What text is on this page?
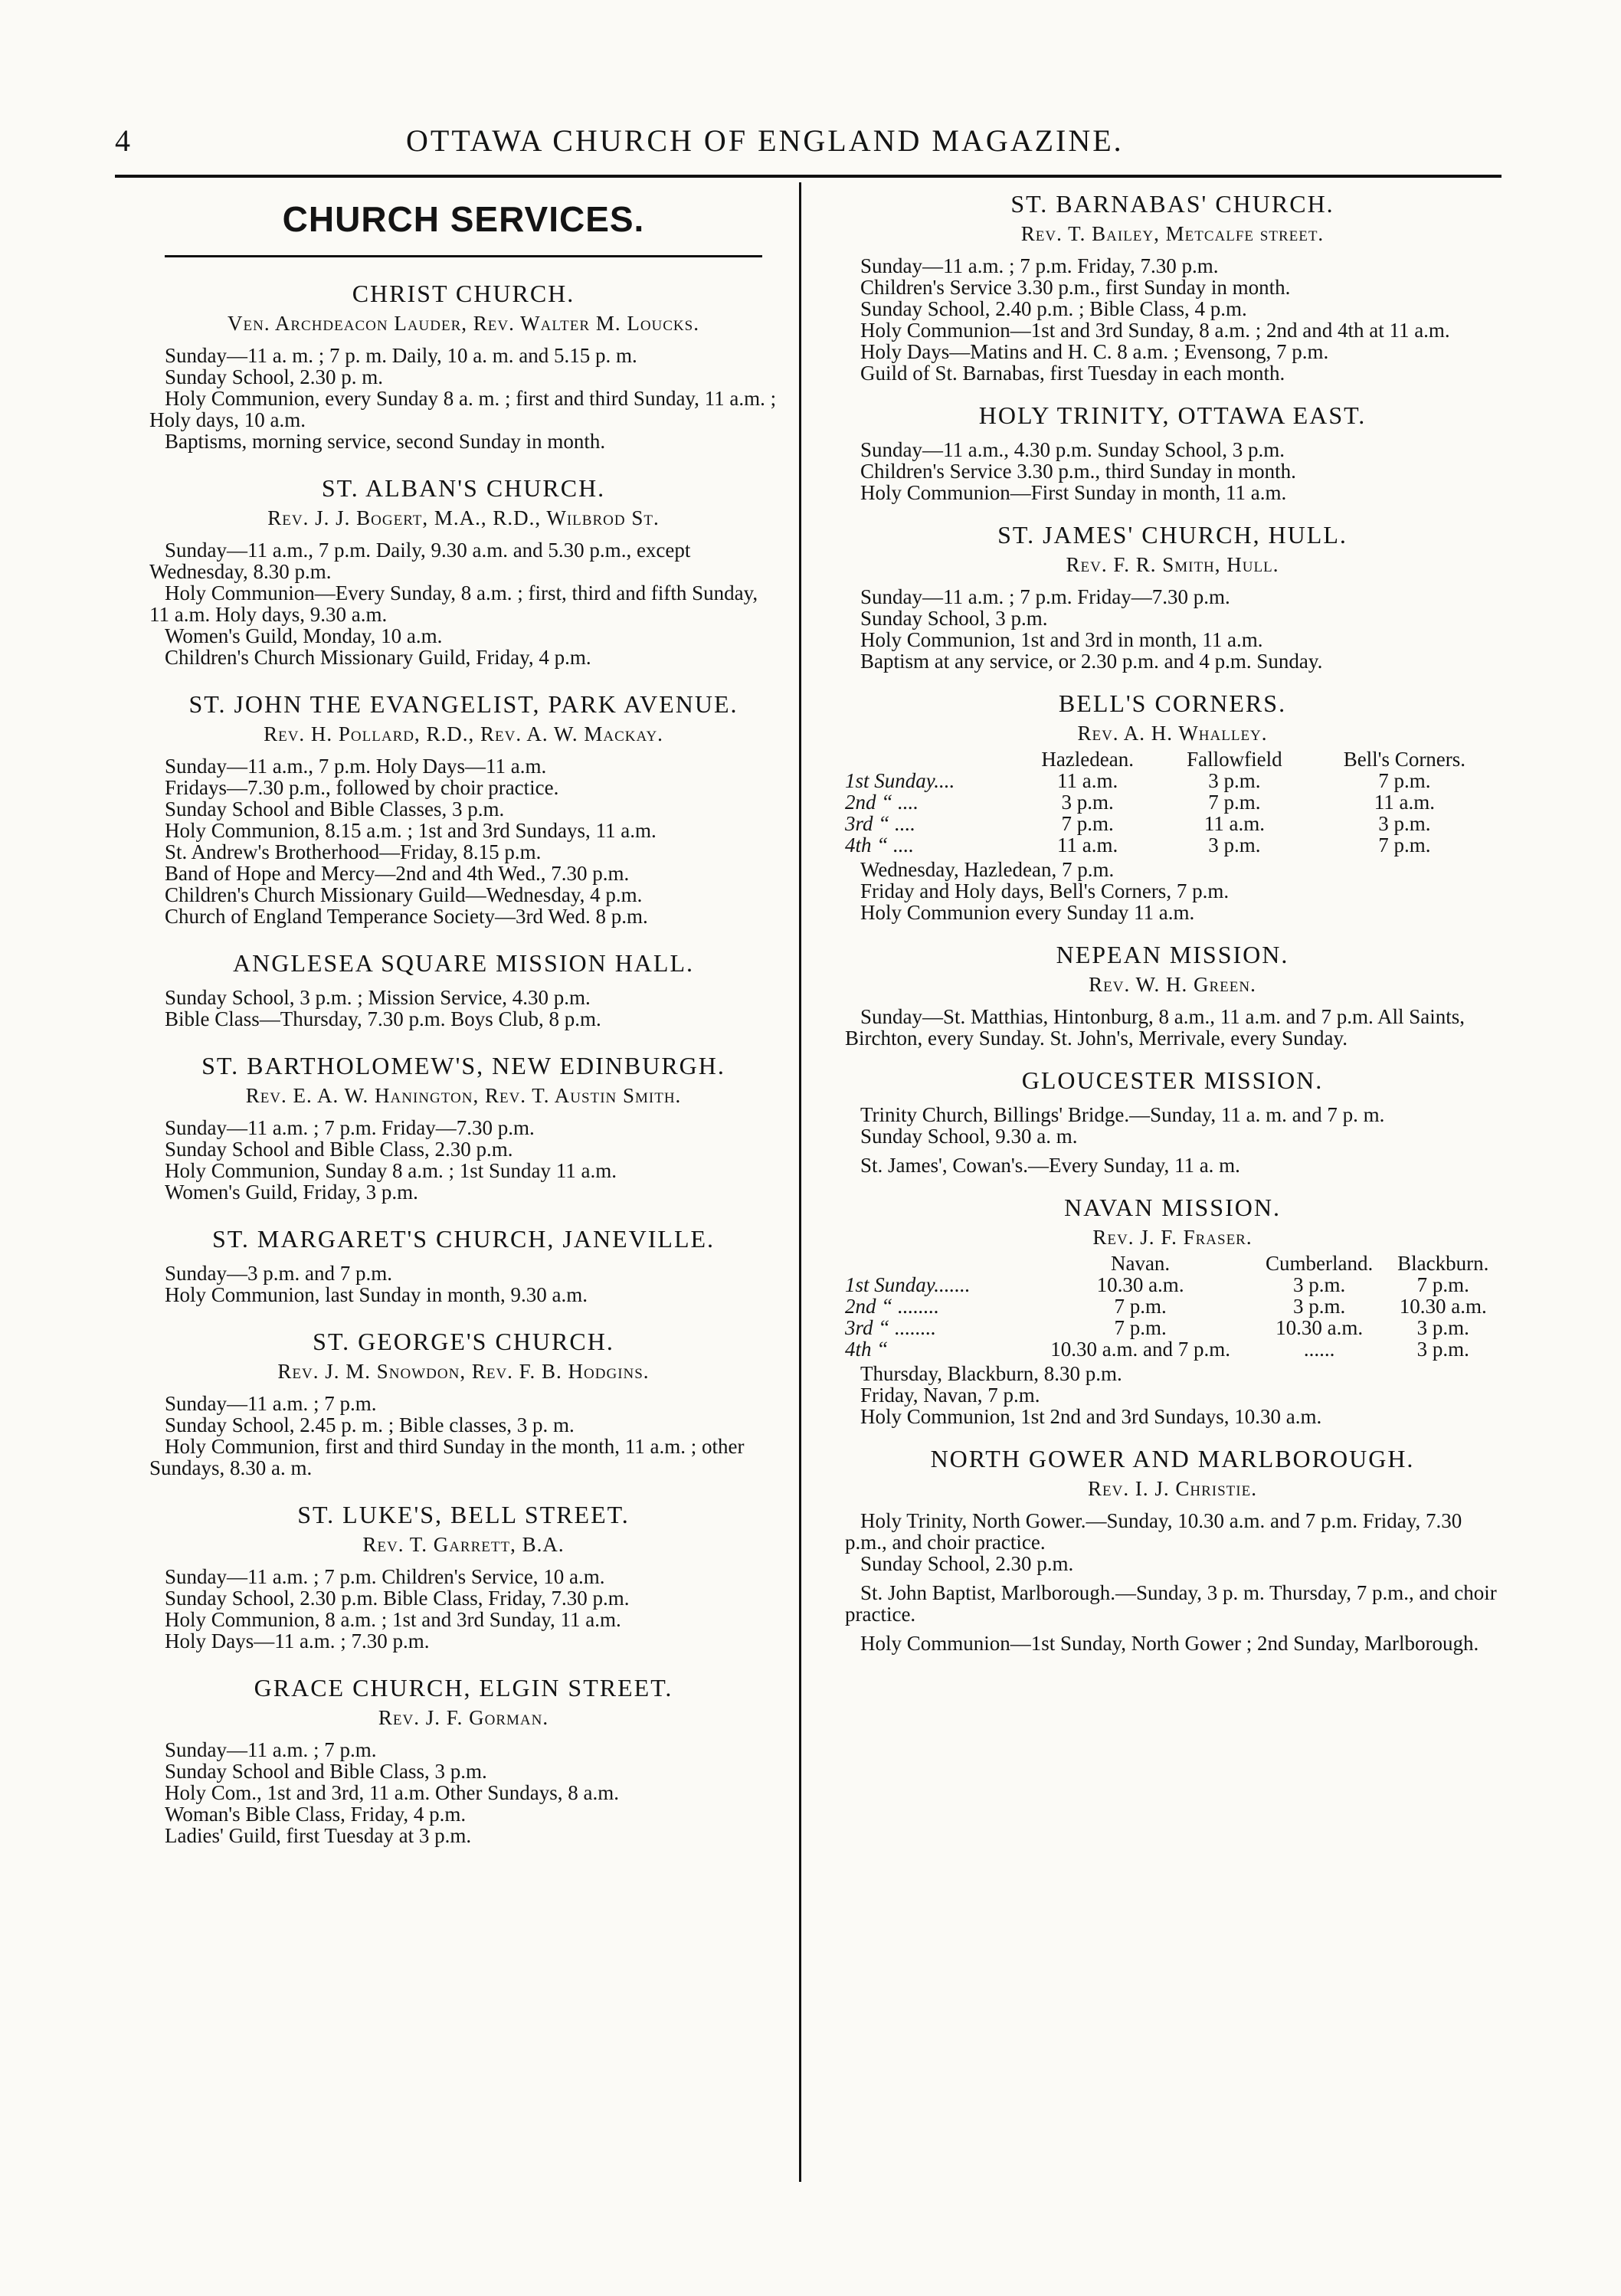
4	OTTAWA CHURCH OF ENGLAND MAGAZINE.
CHURCH SERVICES.
CHRIST CHURCH.
Ven. Archdeacon Lauder, Rev. Walter M. Loucks.

Sunday—11 a. m. ; 7 p. m. Daily, 10 a. m. and 5.15 p. m.

Sunday School, 2.30 p. m.

Holy Communion, every Sunday 8 a. m. ; first and third Sunday, 11 a.m. ; Holy days, 10 a.m.

Baptisms, morning service, second Sunday in month.

ST. ALBAN'S CHURCH.
Rev. J. J. Bogert, M.A., R.D., Wilbrod St.

Sunday—11 a.m., 7 p.m. Daily, 9.30 a.m. and 5.30 p.m., except Wednesday, 8.30 p.m.

Holy Communion—Every Sunday, 8 a.m. ; first, third and fifth Sunday, 11 a.m. Holy days, 9.30 a.m.

Women's Guild, Monday, 10 a.m.

Children's Church Missionary Guild, Friday, 4 p.m.

ST. JOHN THE EVANGELIST, PARK AVENUE.
Rev. H. Pollard, R.D., Rev. A. W. Mackay.

Sunday—11 a.m., 7 p.m. Holy Days—11 a.m.

Fridays—7.30 p.m., followed by choir practice.

Sunday School and Bible Classes, 3 p.m.

Holy Communion, 8.15 a.m. ; 1st and 3rd Sundays, 11 a.m.

St. Andrew's Brotherhood—Friday, 8.15 p.m.

Band of Hope and Mercy—2nd and 4th Wed., 7.30 p.m.

Children's Church Missionary Guild—Wednesday, 4 p.m.

Church of England Temperance Society—3rd Wed. 8 p.m.

ANGLESEA SQUARE MISSION HALL.

Sunday School, 3 p.m. ; Mission Service, 4.30 p.m.

Bible Class—Thursday, 7.30 p.m. Boys Club, 8 p.m.

ST. BARTHOLOMEW'S, NEW EDINBURGH.
Rev. E. A. W. Hanington, Rev. T. Austin Smith.

Sunday—11 a.m. ; 7 p.m. Friday—7.30 p.m.

Sunday School and Bible Class, 2.30 p.m.

Holy Communion, Sunday 8 a.m. ; 1st Sunday 11 a.m.

Women's Guild, Friday, 3 p.m.

ST. MARGARET'S CHURCH, JANEVILLE.

Sunday—3 p.m. and 7 p.m.

Holy Communion, last Sunday in month, 9.30 a.m.

ST. GEORGE'S CHURCH.
Rev. J. M. Snowdon, Rev. F. B. Hodgins.

Sunday—11 a.m. ; 7 p.m.

Sunday School, 2.45 p. m. ; Bible classes, 3 p. m.

Holy Communion, first and third Sunday in the month, 11 a.m. ; other Sundays, 8.30 a. m.

ST. LUKE'S, BELL STREET.
Rev. T. Garrett, B.A.

Sunday—11 a.m. ; 7 p.m. Children's Service, 10 a.m.

Sunday School, 2.30 p.m. Bible Class, Friday, 7.30 p.m.

Holy Communion, 8 a.m. ; 1st and 3rd Sunday, 11 a.m.

Holy Days—11 a.m. ; 7.30 p.m.

GRACE CHURCH, ELGIN STREET.
Rev. J. F. Gorman.

Sunday—11 a.m. ; 7 p.m.

Sunday School and Bible Class, 3 p.m.

Holy Com., 1st and 3rd, 11 a.m. Other Sundays, 8 a.m.

Woman's Bible Class, Friday, 4 p.m.

Ladies' Guild, first Tuesday at 3 p.m.

ST. BARNABAS' CHURCH.
Rev. T. Bailey, Metcalfe street.

Sunday—11 a.m. ; 7 p.m. Friday, 7.30 p.m.

Children's Service 3.30 p.m., first Sunday in month.

Sunday School, 2.40 p.m. ; Bible Class, 4 p.m.

Holy Communion—1st and 3rd Sunday, 8 a.m. ; 2nd and 4th at 11 a.m.

Holy Days—Matins and H. C. 8 a.m. ; Evensong, 7 p.m.

Guild of St. Barnabas, first Tuesday in each month.

HOLY TRINITY, OTTAWA EAST.

Sunday—11 a.m., 4.30 p.m. Sunday School, 3 p.m.

Children's Service 3.30 p.m., third Sunday in month.

Holy Communion—First Sunday in month, 11 a.m.

ST. JAMES' CHURCH, HULL.
Rev. F. R. Smith, Hull.

Sunday—11 a.m. ; 7 p.m. Friday—7.30 p.m.

Sunday School, 3 p.m.

Holy Communion, 1st and 3rd in month, 11 a.m.

Baptism at any service, or 2.30 p.m. and 4 p.m. Sunday.

BELL'S CORNERS.
Rev. A. H. Whalley.
	Hazledean.	Fallowfield	Bell's Corners.
1st Sunday....	11 a.m.	3 p.m.	7 p.m.
2nd “ ....	3 p.m.	7 p.m.	11 a.m.
3rd “ ....	7 p.m.	11 a.m.	3 p.m.
4th “ ....	11 a.m.	3 p.m.	7 p.m.

Wednesday, Hazledean, 7 p.m.

Friday and Holy days, Bell's Corners, 7 p.m.

Holy Communion every Sunday 11 a.m.

NEPEAN MISSION.
Rev. W. H. Green.

Sunday—St. Matthias, Hintonburg, 8 a.m., 11 a.m. and 7 p.m. All Saints, Birchton, every Sunday. St. John's, Merrivale, every Sunday.

GLOUCESTER MISSION.

Trinity Church, Billings' Bridge.—Sunday, 11 a. m. and 7 p. m.

Sunday School, 9.30 a. m.

St. James', Cowan's.—Every Sunday, 11 a. m.

NAVAN MISSION.
Rev. J. F. Fraser.
	Navan.	Cumberland.	Blackburn.
1st Sunday.......	10.30 a.m.	3 p.m.	7 p.m.
2nd “ ........	7 p.m.	3 p.m.	10.30 a.m.
3rd “ ........	7 p.m.	10.30 a.m.	3 p.m.
4th “	10.30 a.m. and 7 p.m.	......	3 p.m.

Thursday, Blackburn, 8.30 p.m.

Friday, Navan, 7 p.m.

Holy Communion, 1st 2nd and 3rd Sundays, 10.30 a.m.

NORTH GOWER AND MARLBOROUGH.
Rev. I. J. Christie.

Holy Trinity, North Gower.—Sunday, 10.30 a.m. and 7 p.m. Friday, 7.30 p.m., and choir practice.

Sunday School, 2.30 p.m.

St. John Baptist, Marlborough.—Sunday, 3 p. m. Thursday, 7 p.m., and choir practice.

Holy Communion—1st Sunday, North Gower ; 2nd Sunday, Marlborough.
